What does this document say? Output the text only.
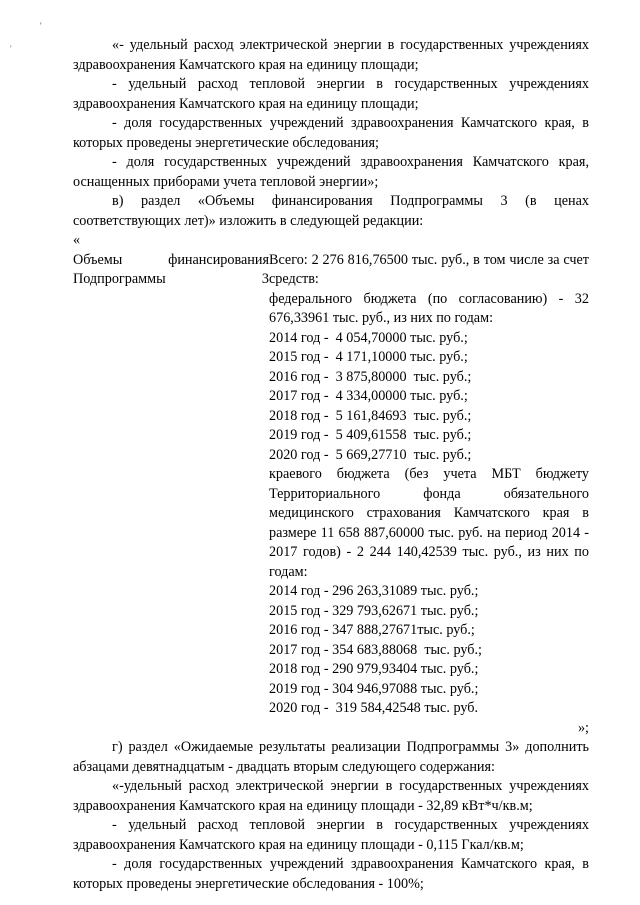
'
'	«- удельный расход электрической энергии в государственных учреждениях здравоохранения Камчатского края на единицу площади;

- удельный расход тепловой энергии в государственных учреждениях здравоохранения Камчатского края на единицу площади;

- доля государственных учреждений здравоохранения Камчатского края, в которых проведены энергетические обследования;

- доля государственных учреждений здравоохранения Камчатского края, оснащенных приборами учета тепловой энергии»;

в) раздел «Объемы финансирования Подпрограммы 3 (в ценах соответствующих лет)» изложить в следующей редакции:

«

Объемы финансирования Подпрограммы 3

Всего: 2 276 816,76500 тыс. руб., в том числе за счет средств:

федерального бюджета (по согласованию) - 32 676,33961 тыс. руб., из них по годам:

2014 год -  4 054,70000 тыс. руб.;
2015 год -  4 171,10000 тыс. руб.;
2016 год -  3 875,80000  тыс. руб.;
2017 год -  4 334,00000 тыс. руб.;
2018 год -  5 161,84693  тыс. руб.;
2019 год -  5 409,61558  тыс. руб.;
2020 год -  5 669,27710  тыс. руб.;

краевого бюджета (без учета МБТ бюджету Территориального фонда обязательного медицинского страхования Камчатского края в размере 11 658 887,60000 тыс. руб. на период 2014 - 2017 годов) - 2 244 140,42539 тыс. руб., из них по годам:

2014 год - 296 263,31089 тыс. руб.;
2015 год - 329 793,62671 тыс. руб.;
2016 год - 347 888,27671тыс. руб.;
2017 год - 354 683,88068  тыс. руб.;
2018 год - 290 979,93404 тыс. руб.;
2019 год - 304 946,97088 тыс. руб.;
2020 год -  319 584,42548 тыс. руб.

»;

г) раздел «Ожидаемые результаты реализации Подпрограммы 3» дополнить абзацами девятнадцатым - двадцать вторым следующего содержания:

«-удельный расход электрической энергии в государственных учреждениях здравоохранения Камчатского края на единицу площади - 32,89 кВт*ч/кв.м;

- удельный расход тепловой энергии в государственных учреждениях здравоохранения Камчатского края на единицу площади - 0,115 Гкал/кв.м;

- доля государственных учреждений здравоохранения Камчатского края, в которых проведены энергетические обследования - 100%;
